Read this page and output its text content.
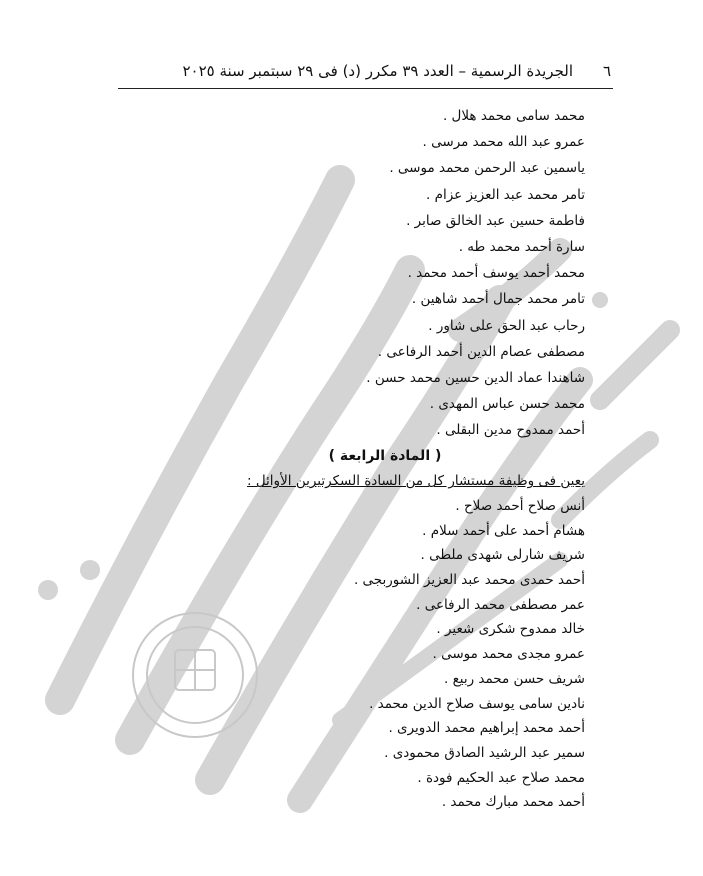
٦
الجريدة الرسمية – العدد ٣٩ مكرر (د) فى ٢٩ سبتمبر سنة ٢٠٢٥
محمد سامى محمد هلال .
عمرو عبد الله محمد مرسى .
ياسمين عبد الرحمن محمد موسى .
تامر محمد عبد العزيز عزام .
فاطمة حسين عبد الخالق صابر .
سارة أحمد محمد طه .
محمد أحمد يوسف أحمد محمد .
تامر محمد جمال أحمد شاهين .
رحاب عبد الحق على شاور .
مصطفى عصام الدين أحمد الرفاعى .
شاهندا عماد الدين حسين محمد حسن .
محمد حسن عباس المهدى .
أحمد ممدوح مدين البقلى .
( المادة الرابعة )
يعين فى وظيفة مستشار كل من السادة السكرتيرين الأوائل :
أنس صلاح أحمد صلاح .
هشام أحمد على أحمد سلام .
شريف شارلى شهدى ملطى .
أحمد حمدى محمد عبد العزيز الشوربجى .
عمر مصطفى محمد الرفاعى .
خالد ممدوح شكرى شعير .
عمرو مجدى محمد موسى .
شريف حسن محمد ربيع .
نادين سامى يوسف صلاح الدين محمد .
أحمد محمد إبراهيم محمد الدويرى .
سمير عبد الرشيد الصادق محمودى .
محمد صلاح عبد الحكيم فودة .
أحمد محمد مبارك محمد .
